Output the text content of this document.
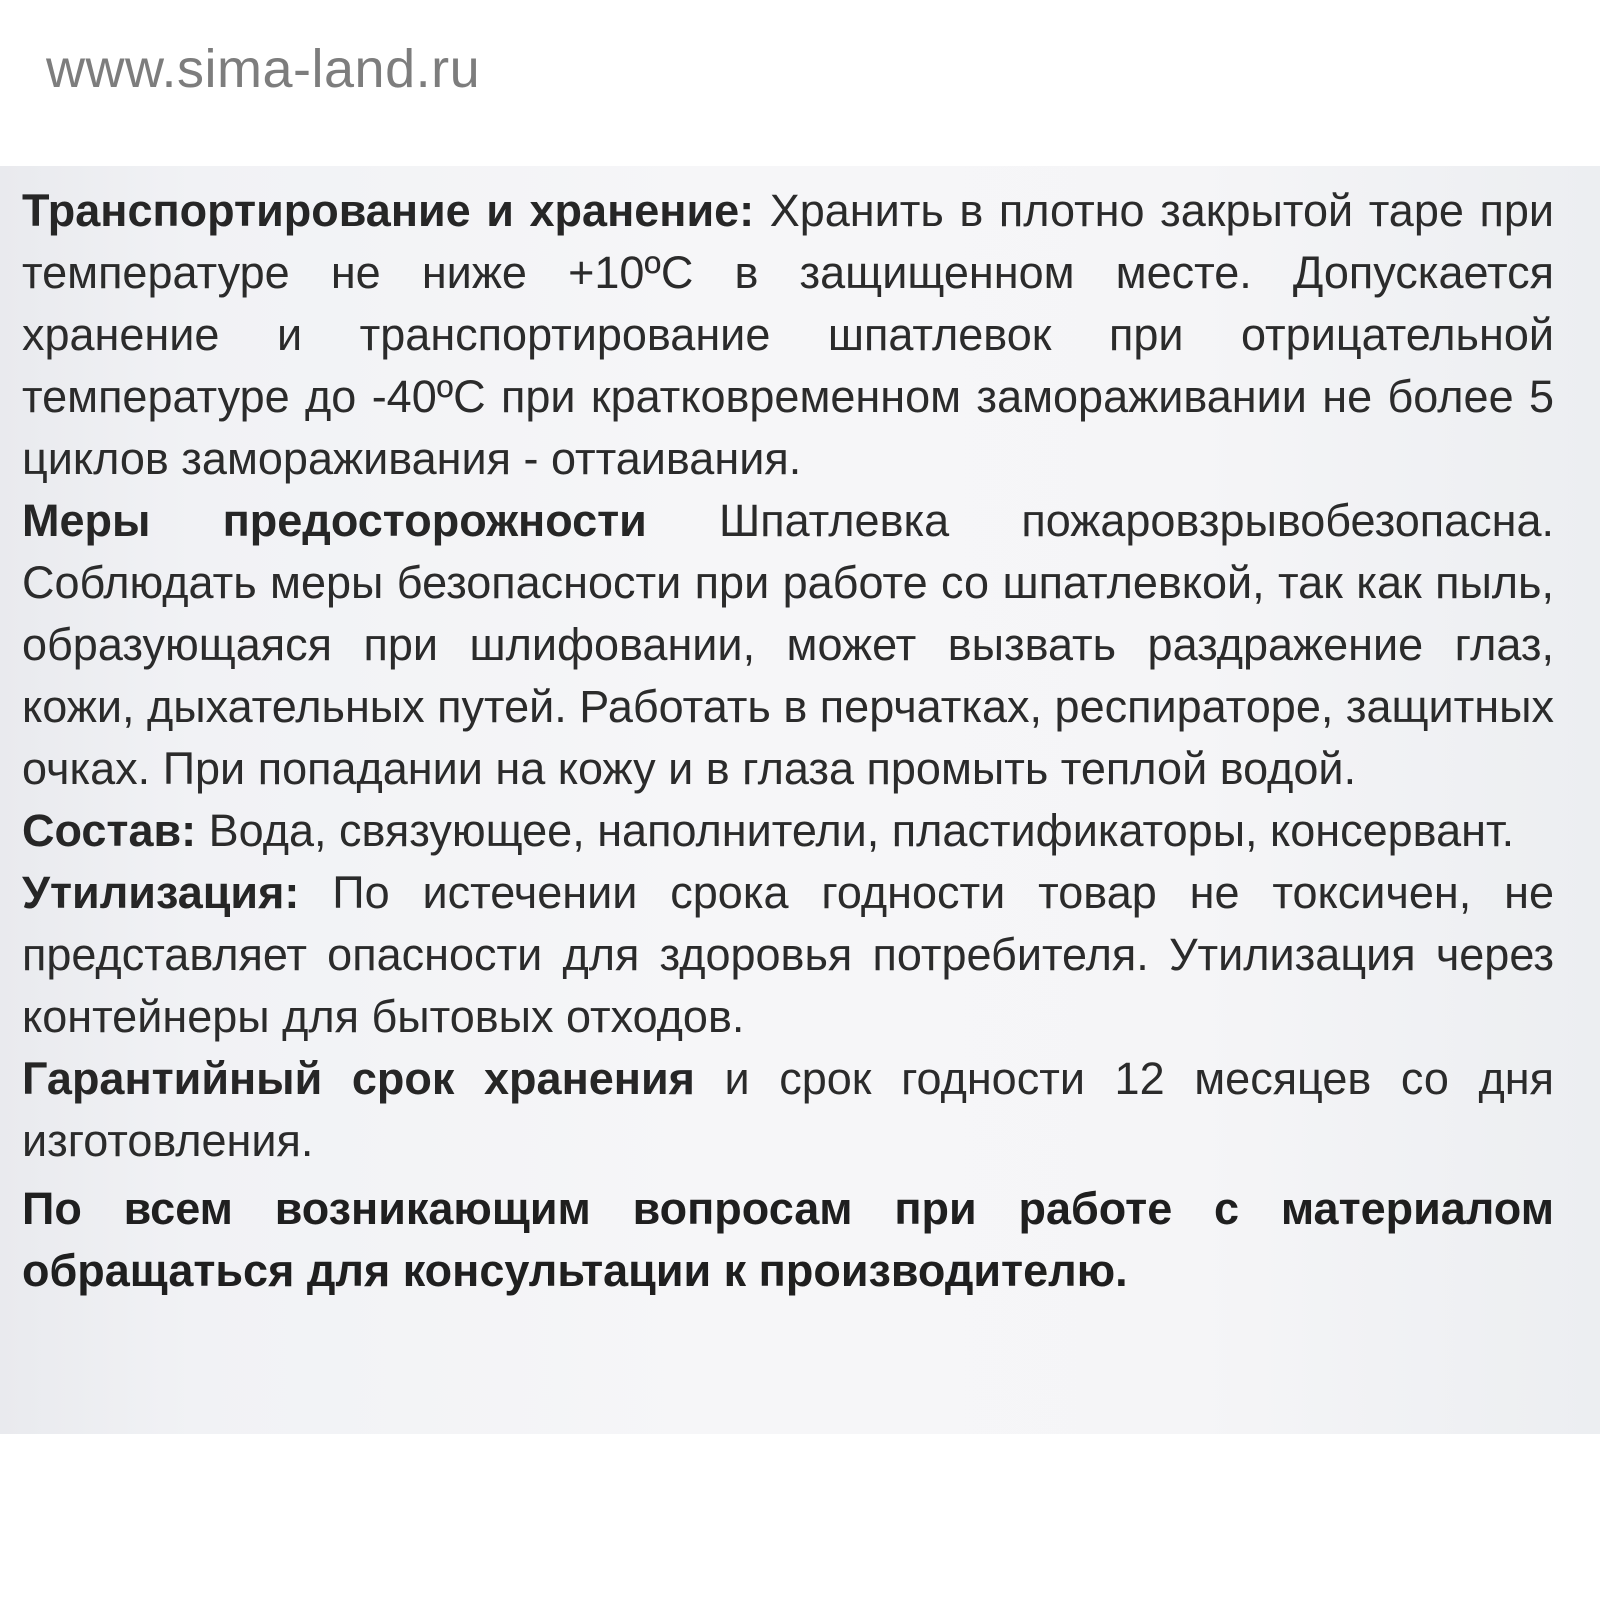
www.sima-land.ru

Транспортирование и хранение: Хранить в плотно закрытой таре при температуре не ниже +10ºС в защищенном месте. Допускается хранение и транспортирование шпатлевок при отрицательной температуре до -40ºС при кратковременном замораживании не более 5 циклов замораживания - оттаивания.

Меры предосторожности Шпатлевка пожаровзрывобезопасна. Соблюдать меры безопасности при работе со шпатлевкой, так как пыль, образующаяся при шлифовании, может вызвать раздражение глаз, кожи, дыхательных путей. Работать в перчатках, респираторе, защитных очках. При попадании на кожу и в глаза промыть теплой водой.

Состав: Вода, связующее, наполнители, пластификаторы, консервант.

Утилизация: По истечении срока годности товар не токсичен, не представляет опасности для здоровья потребителя. Утилизация через контейнеры для бытовых отходов.

Гарантийный срок хранения и срок годности 12 месяцев со дня изготовления.

По всем возникающим вопросам при работе с материалом обращаться для консультации к производителю.
